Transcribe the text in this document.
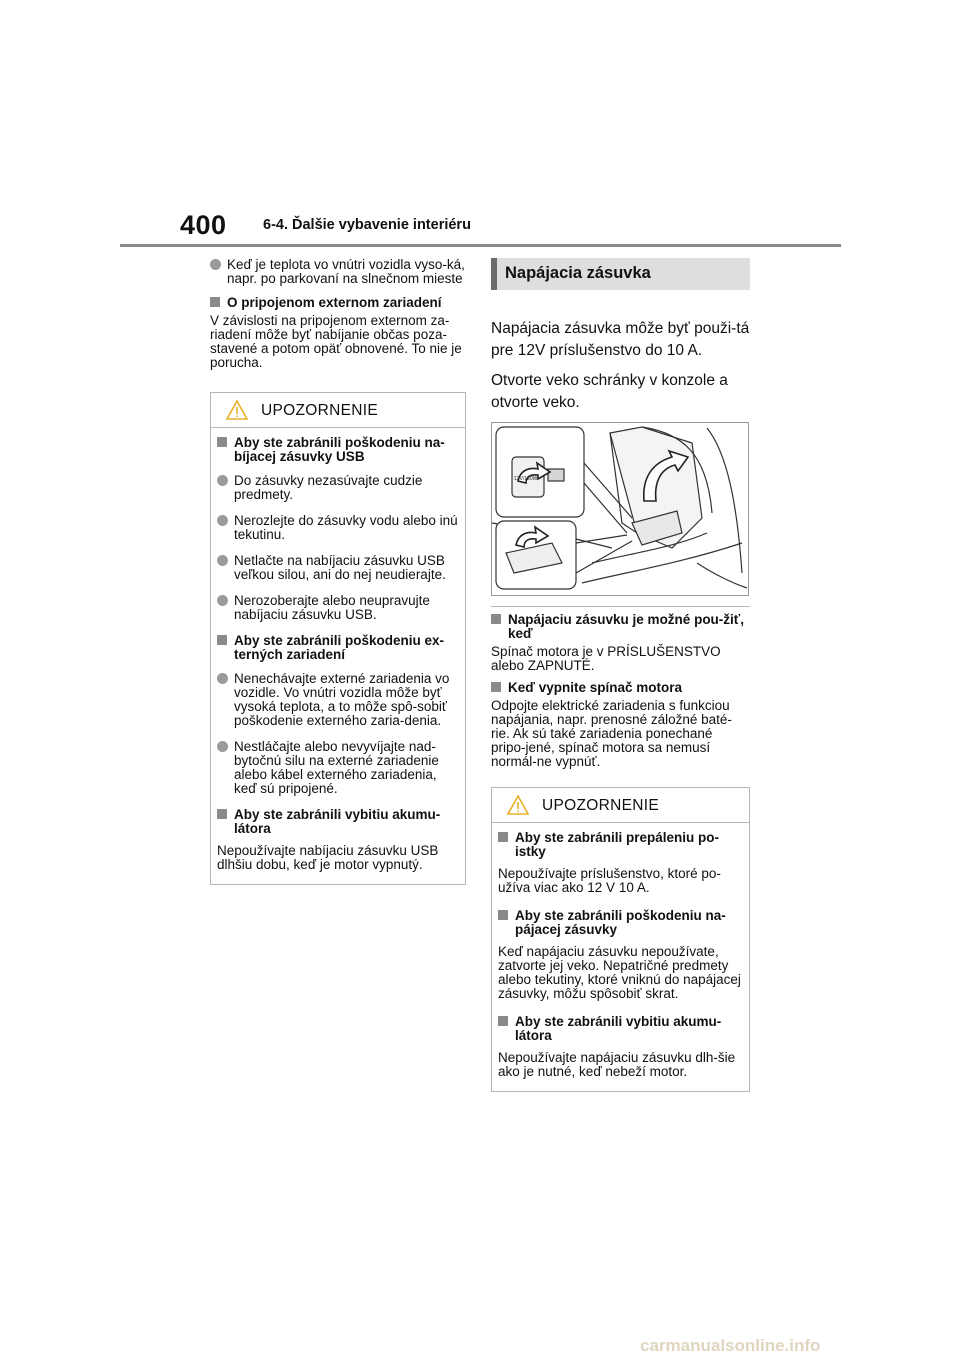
400	6-4. Ďalšie vybavenie interiéru
Keď je teplota vo vnútri vozidla vyso-ká, napr. po parkovaní na slnečnom mieste
O pripojenom externom zariadení

V závislosti na pripojenom externom za-riadení môže byť nabíjanie občas poza-stavené a potom opäť obnovené. To nie je porucha.

UPOZORNENIE
Aby ste zabránili poškodeniu na-bíjacej zásuvky USB
Do zásuvky nezasúvajte cudzie predmety.
Nerozlejte do zásuvky vodu alebo inú tekutinu.
Netlačte na nabíjaciu zásuvku USB veľkou silou, ani do nej neudierajte.
Nerozoberajte alebo neupravujte nabíjaciu zásuvku USB.
Aby ste zabránili poškodeniu ex-terných zariadení
Nenechávajte externé zariadenia vo vozidle. Vo vnútri vozidla môže byť vysoká teplota, a to môže spô-sobiť poškodenie externého zaria-denia.
Nestláčajte alebo nevyvíjajte nad-bytočnú silu na externé zariadenie alebo kábel externého zariadenia, keď sú pripojené.
Aby ste zabránili vybitiu akumu-látora

Nepoužívajte nabíjaciu zásuvku USB dlhšiu dobu, keď je motor vypnutý.

Napájacia zásuvka

Napájacia zásuvka môže byť použi-tá pre 12V príslušenstvo do 10 A.

Otvorte veko schránky v konzole a otvorte veko.

12V/120W
Napájaciu zásuvku je možné pou-žiť, keď

Spínač motora je v PRÍSLUŠENSTVO alebo ZAPNUTÉ.

Keď vypnite spínač motora

Odpojte elektrické zariadenia s funkciou napájania, napr. prenosné záložné baté-rie. Ak sú také zariadenia ponechané pripo-jené, spínač motora sa nemusí normál-ne vypnúť.

UPOZORNENIE
Aby ste zabránili prepáleniu po-istky

Nepoužívajte príslušenstvo, ktoré po-užíva viac ako 12 V 10 A.

Aby ste zabránili poškodeniu na-pájacej zásuvky

Keď napájaciu zásuvku nepoužívate, zatvorte jej veko. Nepatričné predmety alebo tekutiny, ktoré vniknú do napájacej zásuvky, môžu spôsobiť skrat.

Aby ste zabránili vybitiu akumu-látora

Nepoužívajte napájaciu zásuvku dlh-šie ako je nutné, keď nebeží motor.

carmanualsonline.info
